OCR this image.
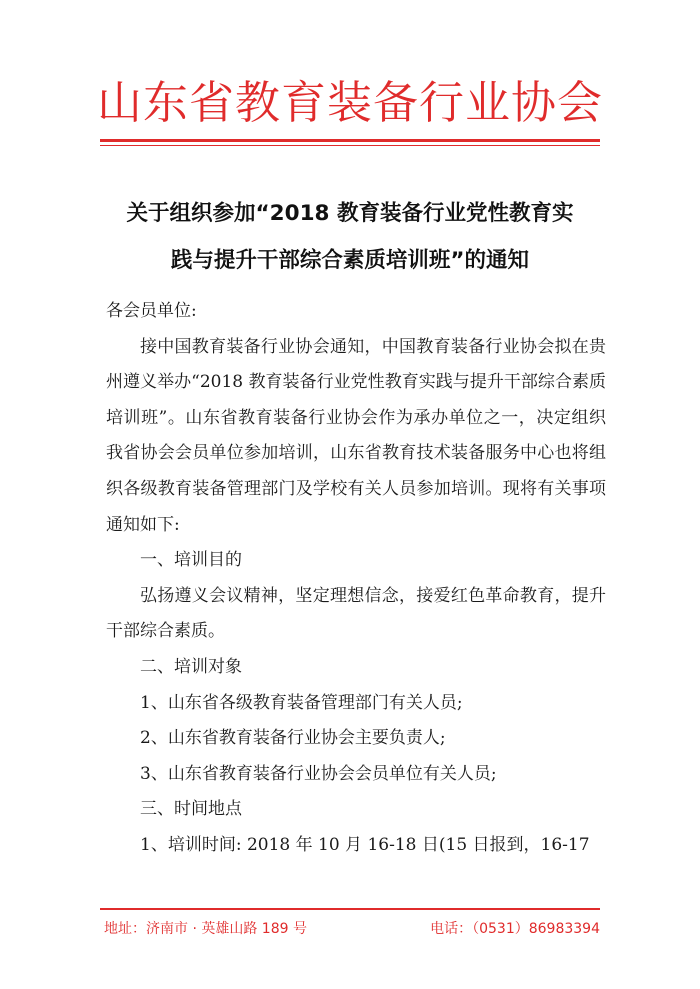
山东省教育装备行业协会
关于组织参加“2018 教育装备行业党性教育实
践与提升干部综合素质培训班”的通知

各会员单位:

接中国教育装备行业协会通知，中国教育装备行业协会拟在贵州遵义举办“2018 教育装备行业党性教育实践与提升干部综合素质培训班”。山东省教育装备行业协会作为承办单位之一，决定组织我省协会会员单位参加培训，山东省教育技术装备服务中心也将组织各级教育装备管理部门及学校有关人员参加培训。现将有关事项通知如下:

一、培训目的

弘扬遵义会议精神，坚定理想信念，接爱红色革命教育，提升干部综合素质。

二、培训对象

1、山东省各级教育装备管理部门有关人员;

2、山东省教育装备行业协会主要负责人;

3、山东省教育装备行业协会会员单位有关人员;

三、时间地点

1、培训时间: 2018 年 10 月 16-18 日(15 日报到，16-17

地址：济南市 · 英雄山路 189 号	电话：（0531）86983394
